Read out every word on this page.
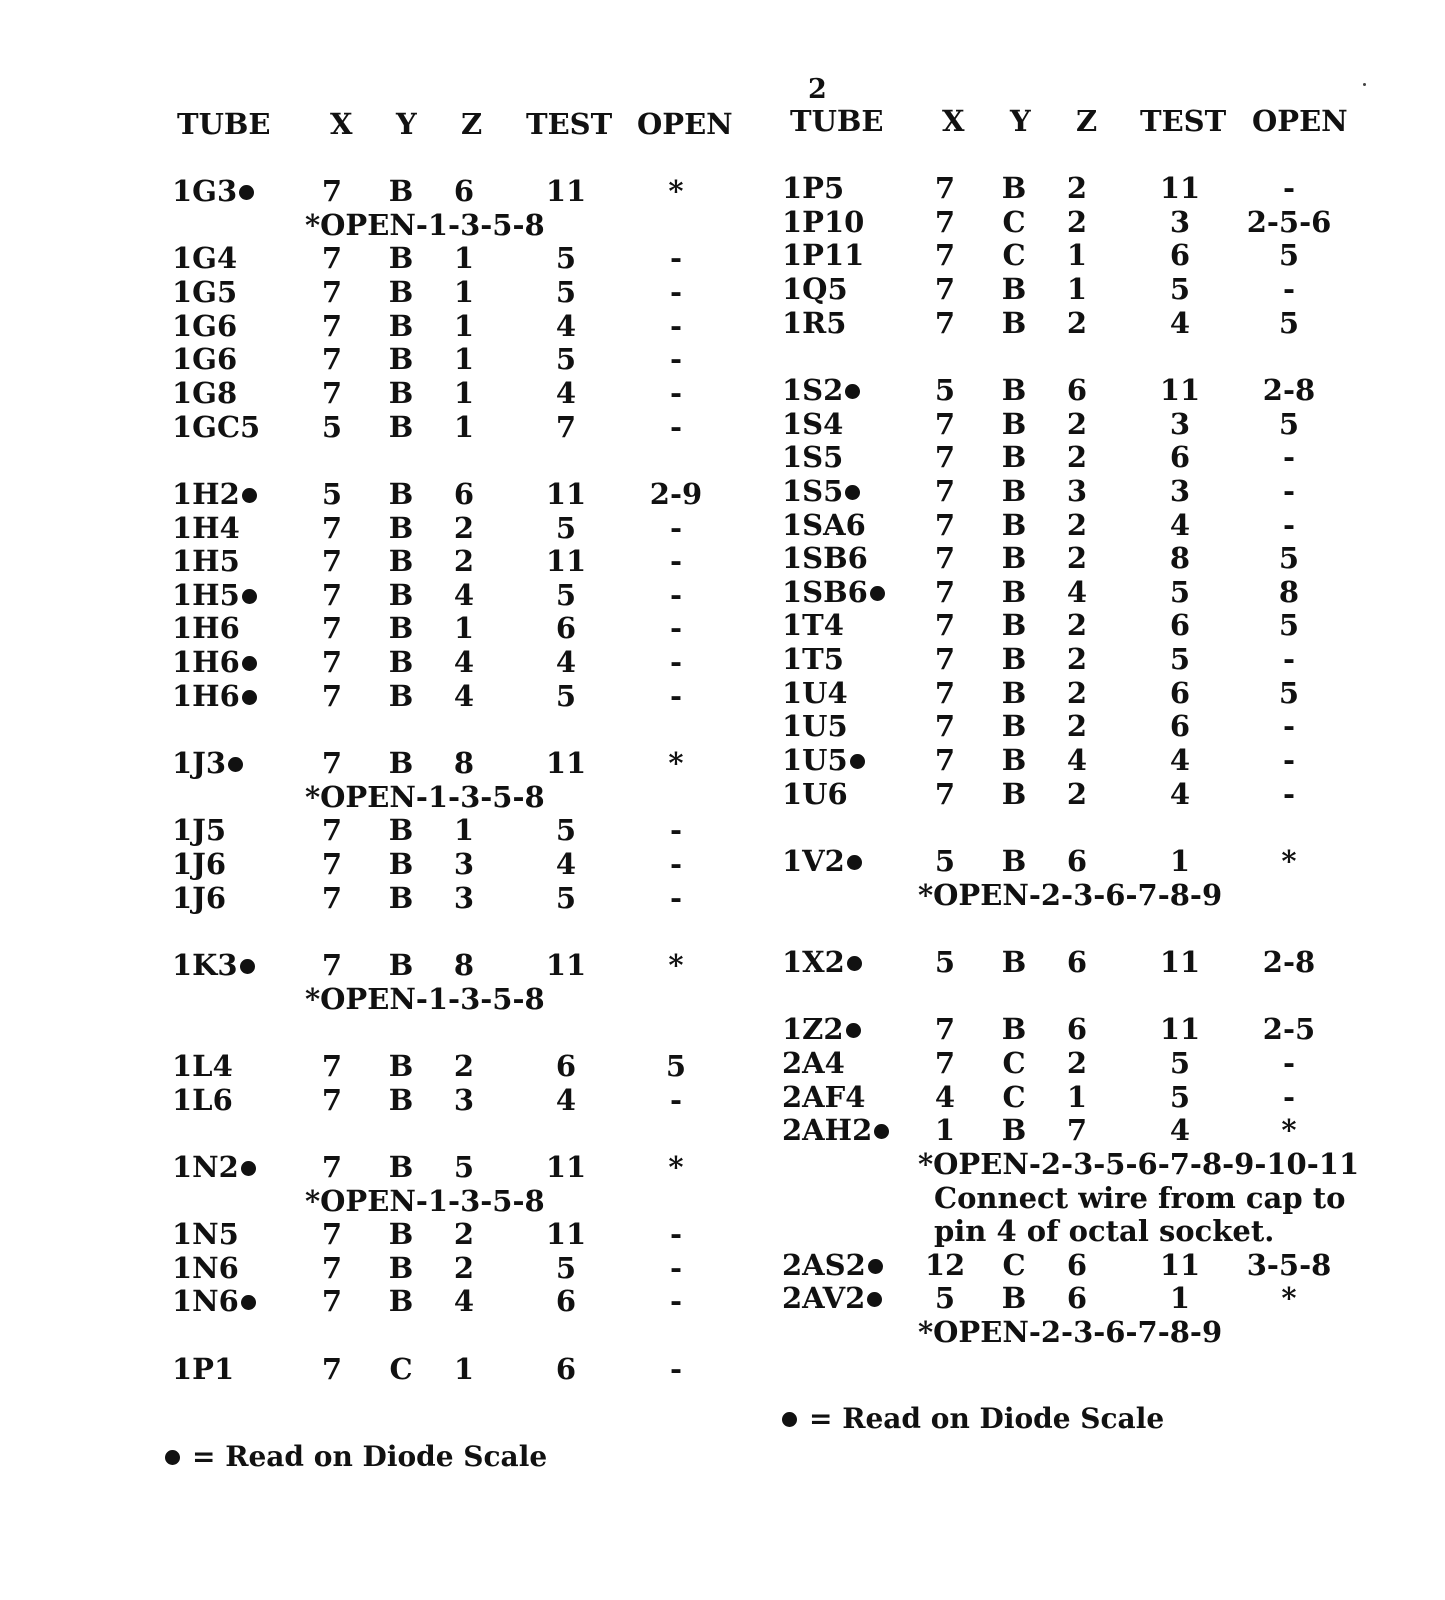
2
TUBE X Y Z TEST OPEN TUBE X Y Z TEST OPEN
1G3	7 B 6 11	*
*OPEN-1-3-5-8
1G4	7 B 1	5	-
1G5	7 B 1	5	-
1G6	7 B 1	4	-
1G6	7 B 1	5	-
1G8	7 B 1	4	-
1GC5 5 B 1	7	-
1H2	5 B 6 11 2-9
1H4	7 B 2	5	-
1H5	7 B 2 11	-
1H5	7 B 4	5	-
1H6	7 B 1	6	-
1H6	7 B 4	4	-
1H6	7 B 4	5	-
1J3	7 B 8 11	*
*OPEN-1-3-5-8
1J5	7 B 1	5	-
1J6	7 B 3	4	-
1J6	7 B 3	5	-
1K3	7 B 8 11	*
*OPEN-1-3-5-8
1L4	7 B 2	6	5
1L6	7 B 3	4	-
1N2	7 B 5 11	*
*OPEN-1-3-5-8
1N5	7 B 2 11	-
1N6	7 B 2	5	-
1N6	7 B 4	6	-
1P1	7 C 1	6	-
1P5	7 B 2	11	-
1P10 7 C 2	3 2-5-6
1P11 7 C 1	6	5
1Q5	7 B 1	5	-
1R5	7 B 2	4	5
1S2	5 B 6	11 2-8
1S4	7 B 2	3	5
1S5	7 B 2	6	-
1S5	7 B 3	3	-
1SA6 7 B 2	4	-
1SB6 7 B 2	8	5
1SB6	7 B 4	5	8
1T4	7 B 2	6	5
1T5	7 B 2	5	-
1U4	7 B 2	6	5
1U5	7 B 2	6	-
1U5	7 B 4	4	-
1U6	7 B 2	4	-
1V2	5 B 6	1	*
*OPEN-2-3-6-7-8-9
1X2	5 B 6	11 2-8
1Z2	7 B 6	11 2-5
2A4	7 C 2	5	-
2AF4 4 C 1	5	-
2AH2	1 B 7	4	*
*OPEN-2-3-5-6-7-8-9-10-11
Connect wire from cap to
pin 4 of octal socket.
2AS2	12 C 6	11 3-5-8
2AV2	5 B 6	1	*
*OPEN-2-3-6-7-8-9
= Read on Diode Scale
= Read on Diode Scale
